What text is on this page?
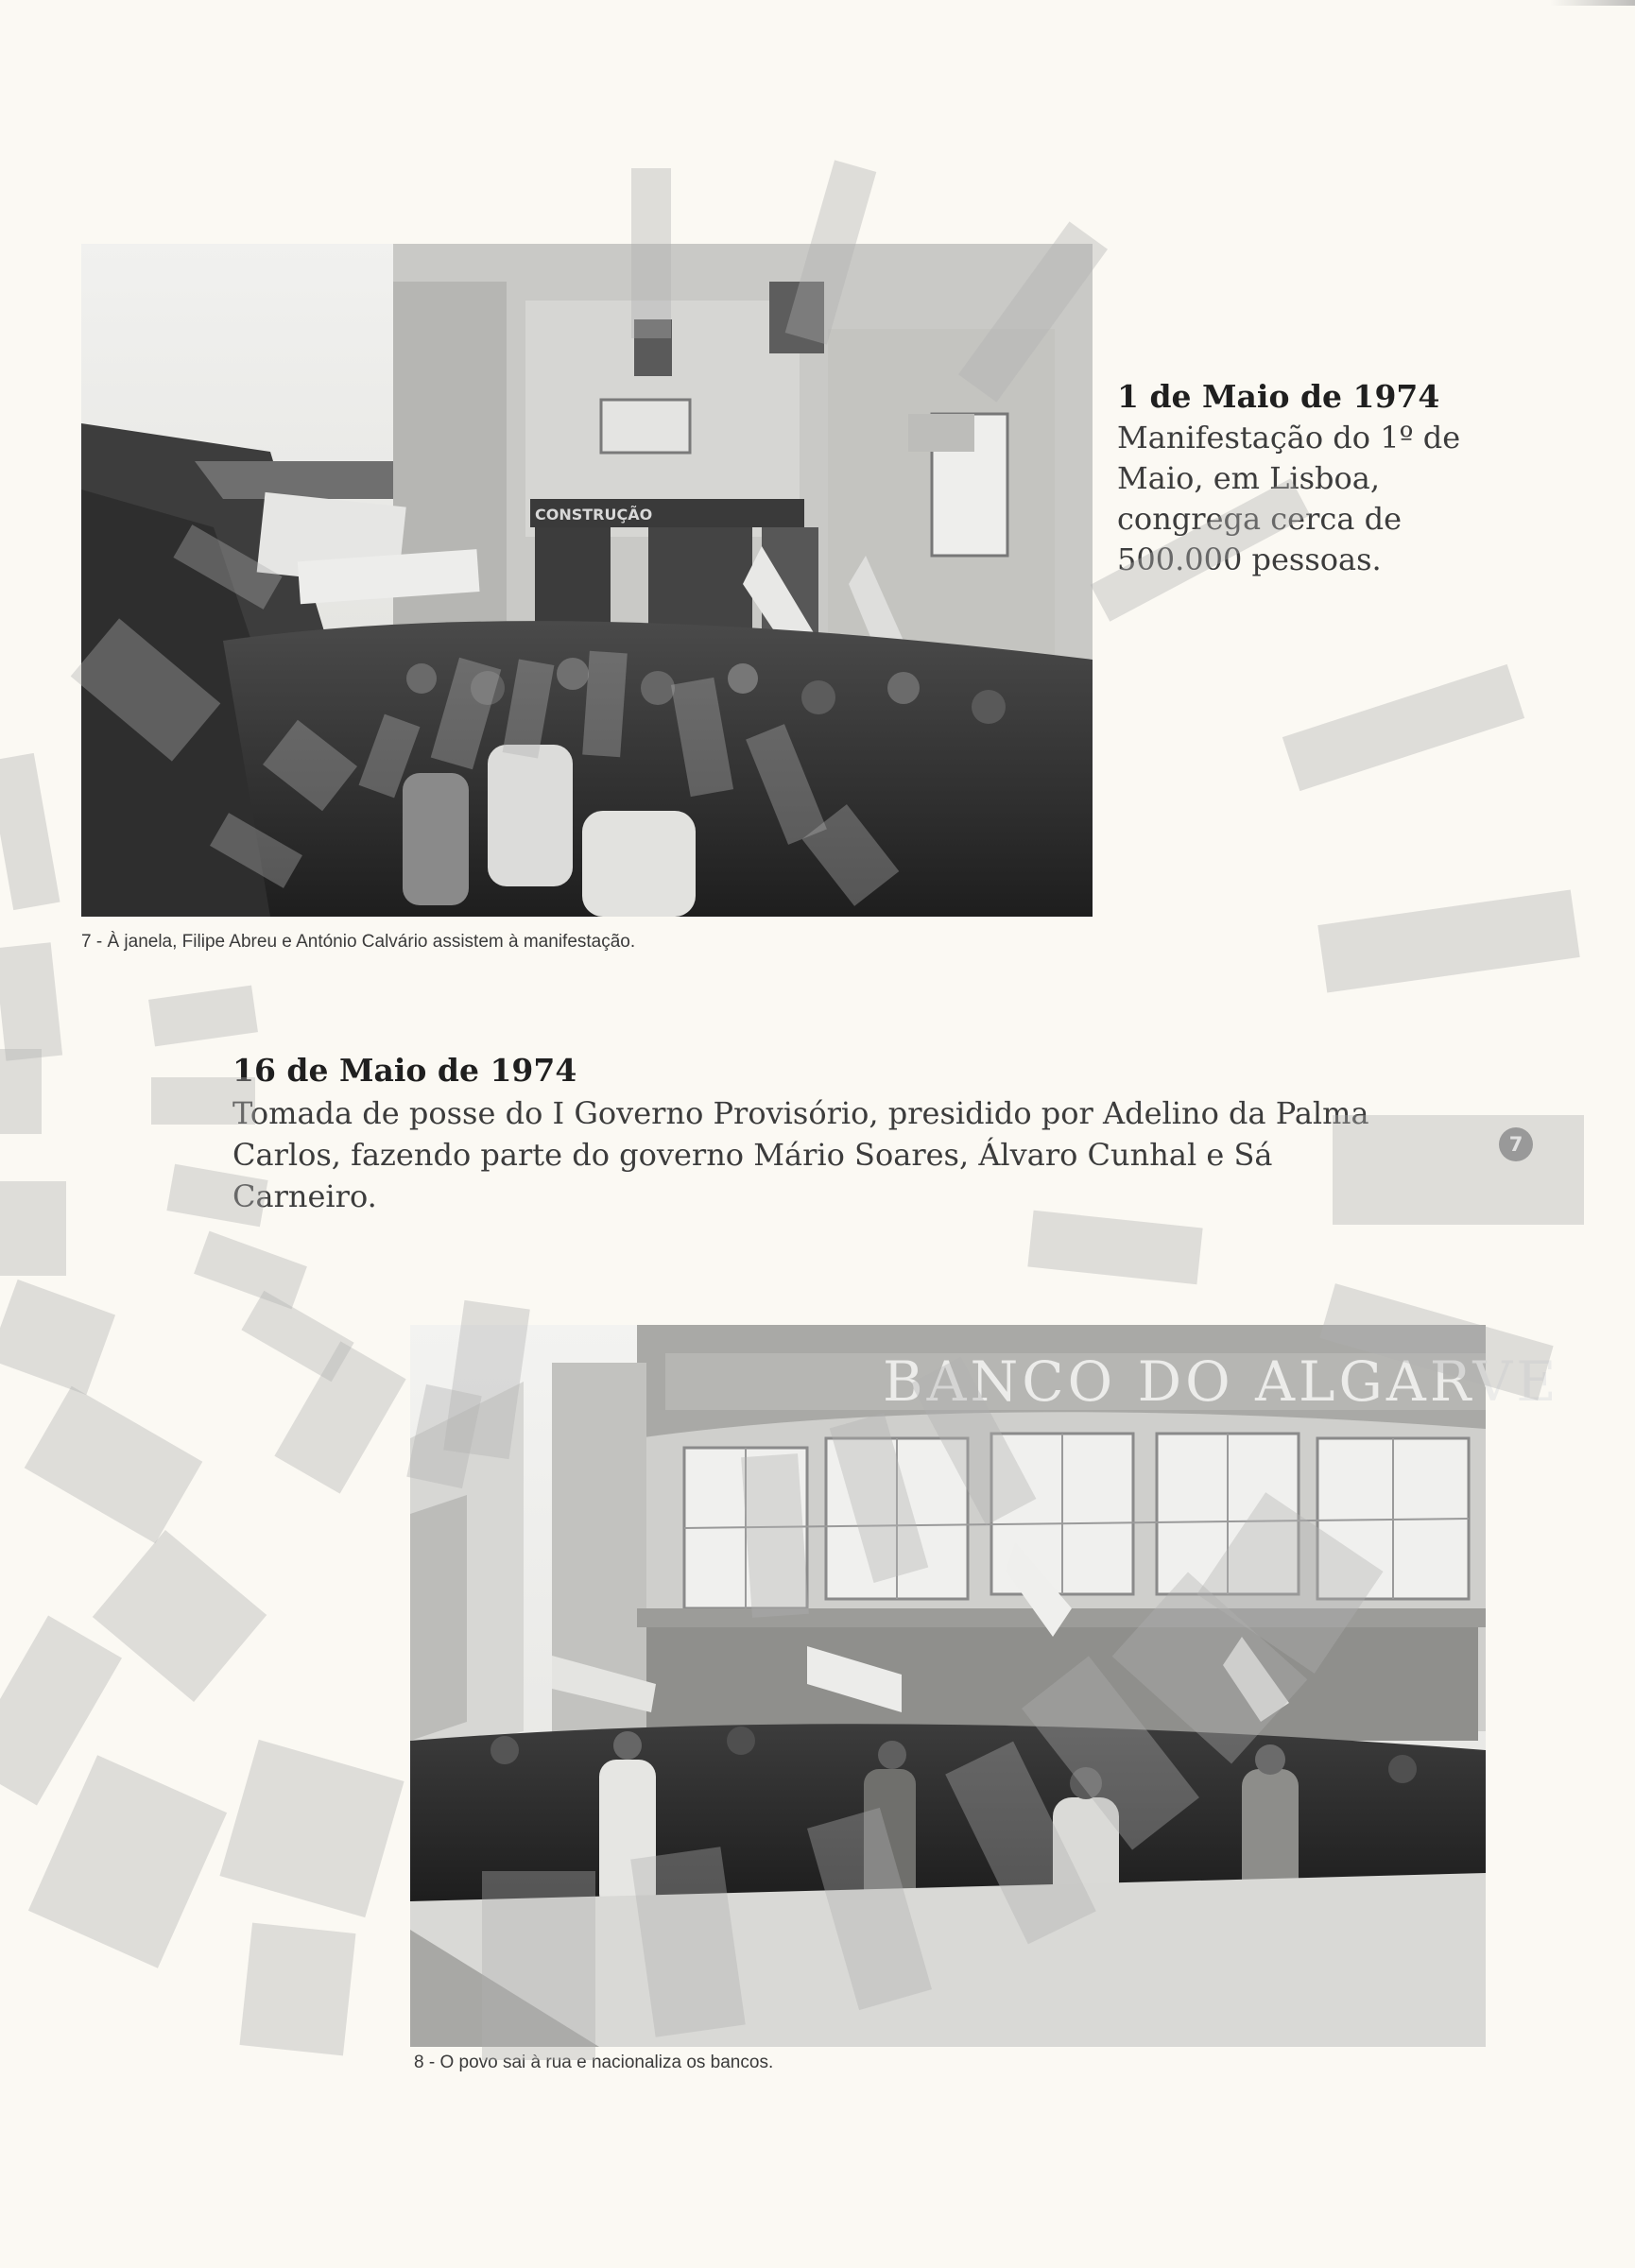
CONSTRUÇÃO
7 - À janela, Filipe Abreu e António Calvário assistem à manifestação.

1 de Maio de 1974

Manifestação do 1º de Maio, em Lisboa, congrega cerca de 500.000 pessoas.

16 de Maio de 1974

Tomada de posse do I Governo Provisório, presidido por Adelino da Palma Carlos, fazendo parte do governo Mário Soares, Álvaro Cunhal e Sá Carneiro.

7
BANCO DO ALGARVE
8 - O povo sai à rua e nacionaliza os bancos.
